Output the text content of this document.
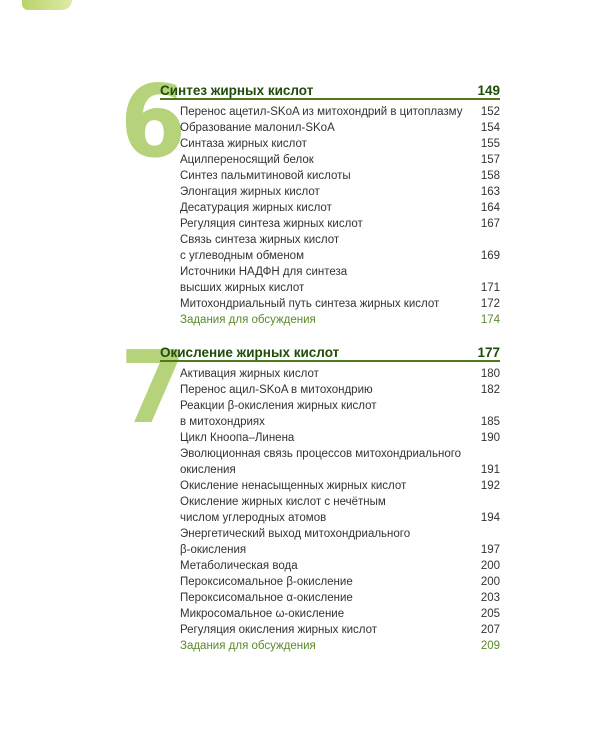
6
Синтез жирных кислот	149
Перенос ацетил-SKoA из митохондрий в цитоплазму	152
Образование малонил-SKoA	154
Синтаза жирных кислот	155
Ацилпереносящий белок	157
Синтез пальмитиновой кислоты	158
Элонгация жирных кислот	163
Десатурация жирных кислот	164
Регуляция синтеза жирных кислот	167
Связь синтеза жирных кислот
с углеводным обменом	169
Источники НАДФН для синтеза
высших жирных кислот	171
Митохондриальный путь синтеза жирных кислот	172
Задания для обсуждения	174
7
Окисление жирных кислот	177
Активация жирных кислот	180
Перенос ацил-SKoA в митохондрию	182
Реакции β-окисления жирных кислот
в митохондриях	185
Цикл Кноопа–Линена	190
Эволюционная связь процессов митохондриального
окисления	191
Окисление ненасыщенных жирных кислот	192
Окисление жирных кислот с нечётным
числом углеродных атомов	194
Энергетический выход митохондриального
β-окисления	197
Метаболическая вода	200
Пероксисомальное β-окисление	200
Пероксисомальное α-окисление	203
Микросомальное ω-окисление	205
Регуляция окисления жирных кислот	207
Задания для обсуждения	209
